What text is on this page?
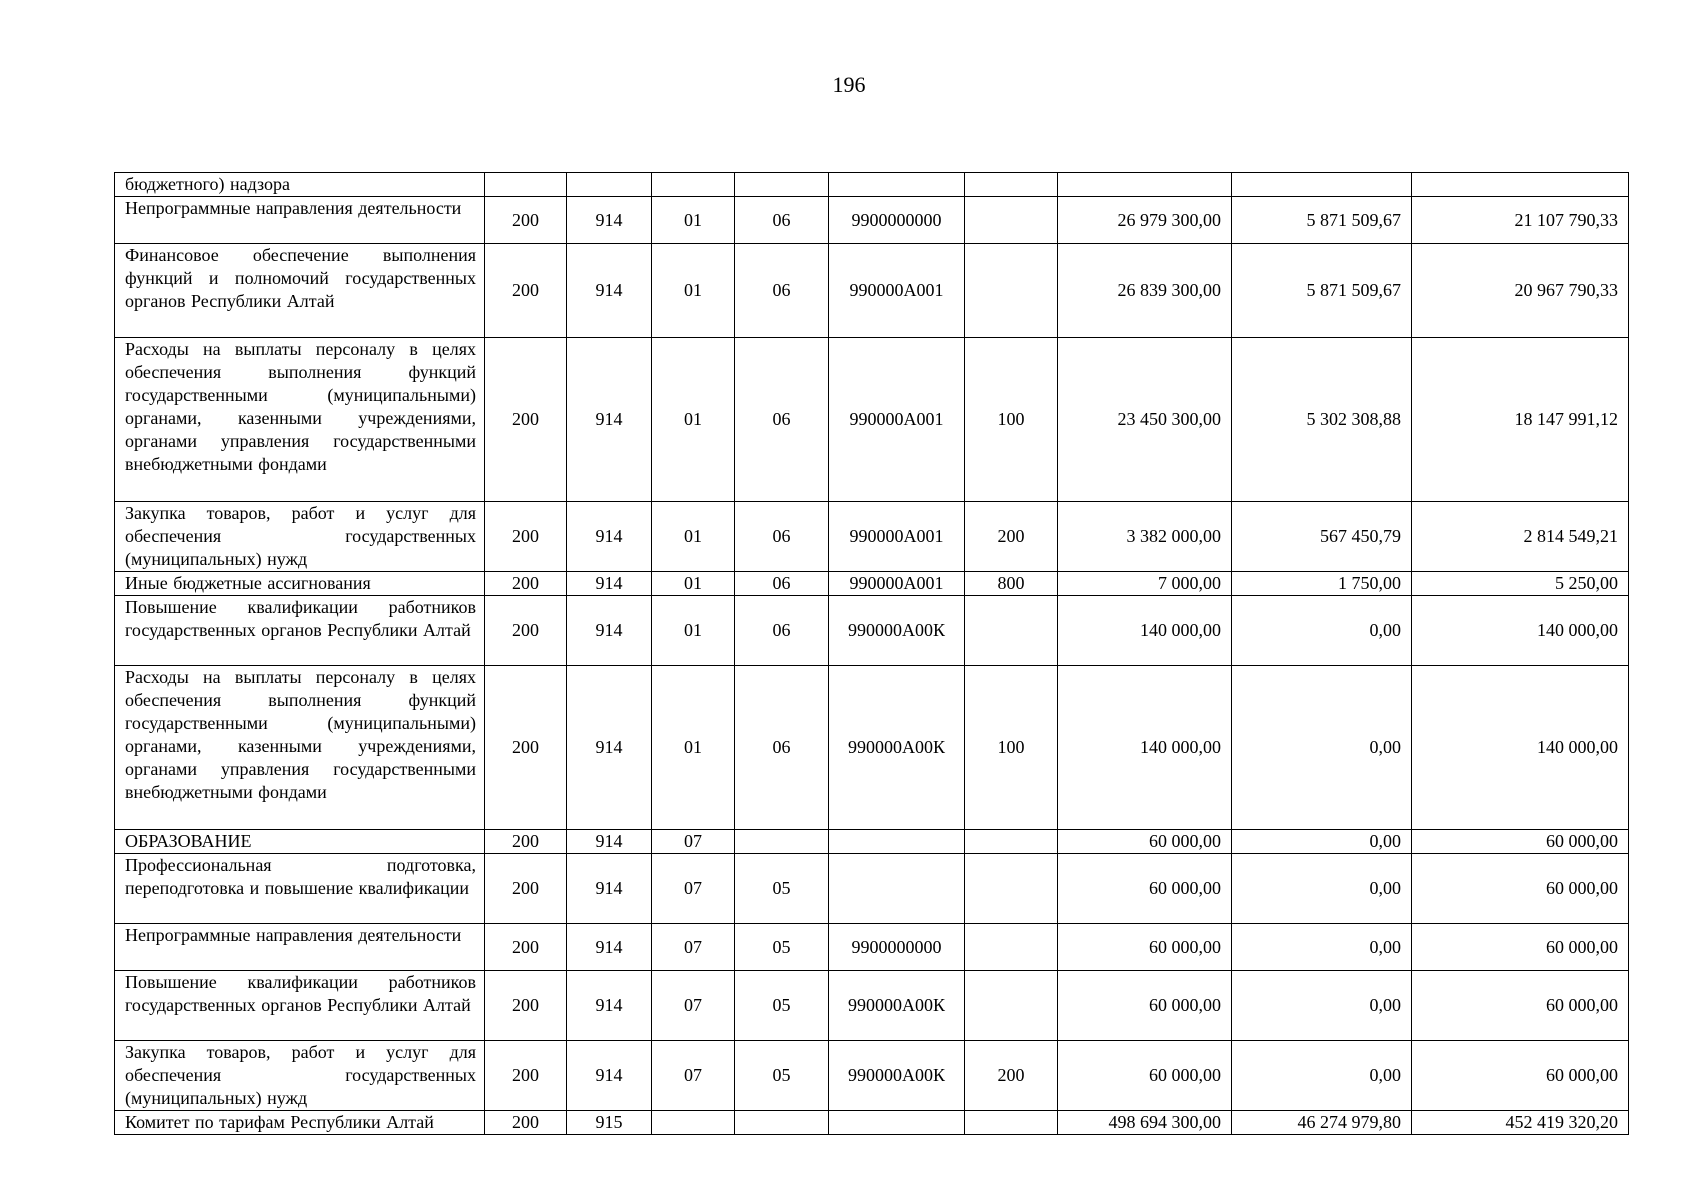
196
бюджетного) надзора									
Непрограммные направления деятельности	200	914	01	06	9900000000		26 979 300,00	5 871 509,67	21 107 790,33
Финансовое обеспечение выполнения функций и полномочий государственных органов Республики Алтай	200	914	01	06	990000А001		26 839 300,00	5 871 509,67	20 967 790,33
Расходы на выплаты персоналу в целях обеспечения выполнения функций государственными (муниципальными) органами, казенными учреждениями, органами управления государственными внебюджетными фондами	200	914	01	06	990000А001	100	23 450 300,00	5 302 308,88	18 147 991,12
Закупка товаров, работ и услуг для обеспечения государственных (муниципальных) нужд	200	914	01	06	990000А001	200	3 382 000,00	567 450,79	2 814 549,21
Иные бюджетные ассигнования	200	914	01	06	990000А001	800	7 000,00	1 750,00	5 250,00
Повышение квалификации работников государственных органов Республики Алтай	200	914	01	06	990000А00К		140 000,00	0,00	140 000,00
Расходы на выплаты персоналу в целях обеспечения выполнения функций государственными (муниципальными) органами, казенными учреждениями, органами управления государственными внебюджетными фондами	200	914	01	06	990000А00К	100	140 000,00	0,00	140 000,00
ОБРАЗОВАНИЕ	200	914	07				60 000,00	0,00	60 000,00
Профессиональная подготовка, переподготовка и повышение квалификации	200	914	07	05			60 000,00	0,00	60 000,00
Непрограммные направления деятельности	200	914	07	05	9900000000		60 000,00	0,00	60 000,00
Повышение квалификации работников государственных органов Республики Алтай	200	914	07	05	990000А00К		60 000,00	0,00	60 000,00
Закупка товаров, работ и услуг для обеспечения государственных (муниципальных) нужд	200	914	07	05	990000А00К	200	60 000,00	0,00	60 000,00
Комитет по тарифам Республики Алтай	200	915					498 694 300,00	46 274 979,80	452 419 320,20
